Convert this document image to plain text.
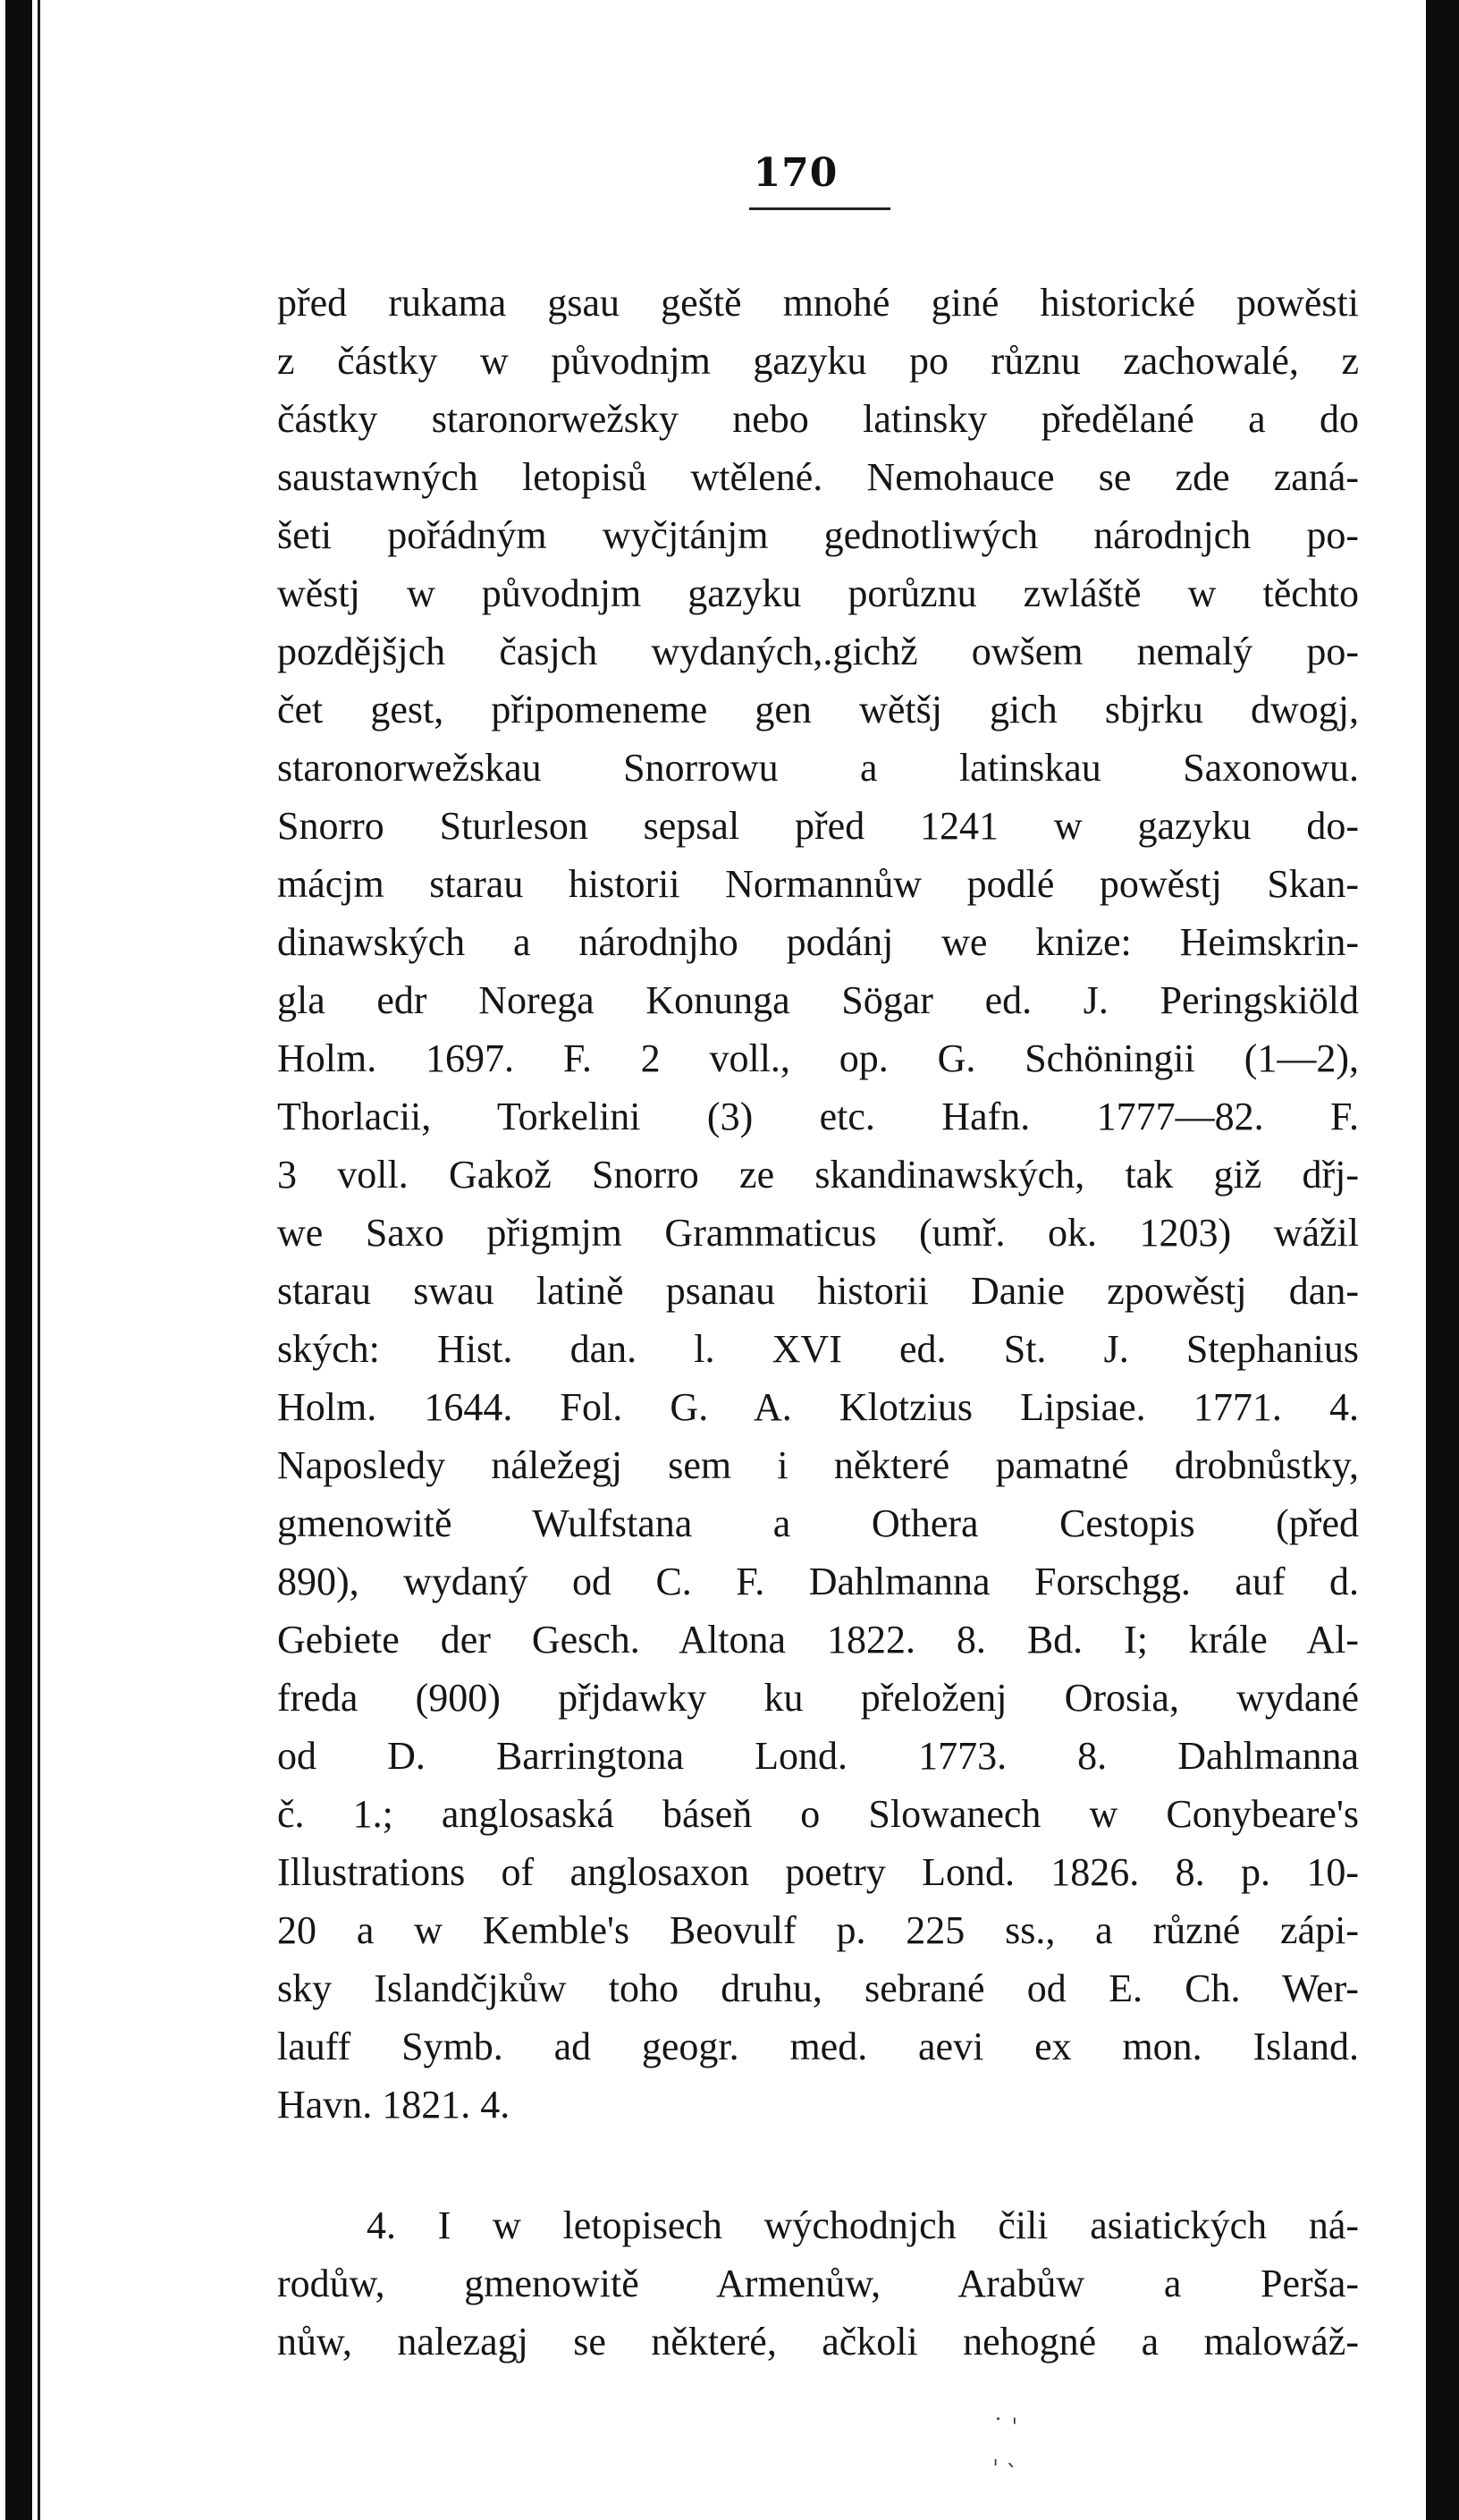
170
před rukama gsau geště mnohé giné historické powěsti
z částky w původnjm gazyku po různu zachowalé, z
částky staronorwežsky nebo latinsky předělané a do
saustawných letopisů wtělené. Nemohauce se zde zaná-
šeti pořádným wyčjtánjm gednotliwých národnjch po-
wěstj w původnjm gazyku porůznu zwláště w těchto
pozdějšjch časjch wydaných,.gichž owšem nemalý po-
čet gest, připomeneme gen wětšj gich sbjrku dwogj,
staronorwežskau Snorrowu a latinskau Saxonowu.
Snorro Sturleson sepsal před 1241 w gazyku do-
mácjm starau historii Normannůw podlé powěstj Skan-
dinawských a národnjho podánj we knize: Heimskrin-
gla edr Norega Konunga Sögar ed. J. Peringskiöld
Holm. 1697. F. 2 voll., op. G. Schöningii (1—2),
Thorlacii, Torkelini (3) etc. Hafn. 1777—82. F.
3 voll. Gakož Snorro ze skandinawských, tak giž dřj-
we Saxo přigmjm Grammaticus (umř. ok. 1203) wážil
starau swau latině psanau historii Danie zpowěstj dan-
ských: Hist. dan. l. XVI ed. St. J. Stephanius
Holm. 1644. Fol. G. A. Klotzius Lipsiae. 1771. 4.
Naposledy náležegj sem i některé pamatné drobnůstky,
gmenowitě Wulfstana a Othera Cestopis (před
890), wydaný od C. F. Dahlmanna Forschgg. auf d.
Gebiete der Gesch. Altona 1822. 8. Bd. I; krále Al-
freda (900) přjdawky ku přeloženj Orosia, wydané
od D. Barringtona Lond. 1773. 8. Dahlmanna
č. 1.; anglosaská báseň o Slowanech w Conybeare's
Illustrations of anglosaxon poetry Lond. 1826. 8. p. 10-
20 a w Kemble's Beovulf p. 225 ss., a různé zápi-
sky Islandčjkůw toho druhu, sebrané od E. Ch. Wer-
lauff Symb. ad geogr. med. aevi ex mon. Island.
Havn. 1821. 4.
4. I w letopisech wýchodnjch čili asiatických ná-
rodůw, gmenowitě Armenůw, Arabůw a Perša-
nůw, nalezagj se některé, ačkoli nehogné a malowáž-
˙ ˈ
ˌ ˎ
